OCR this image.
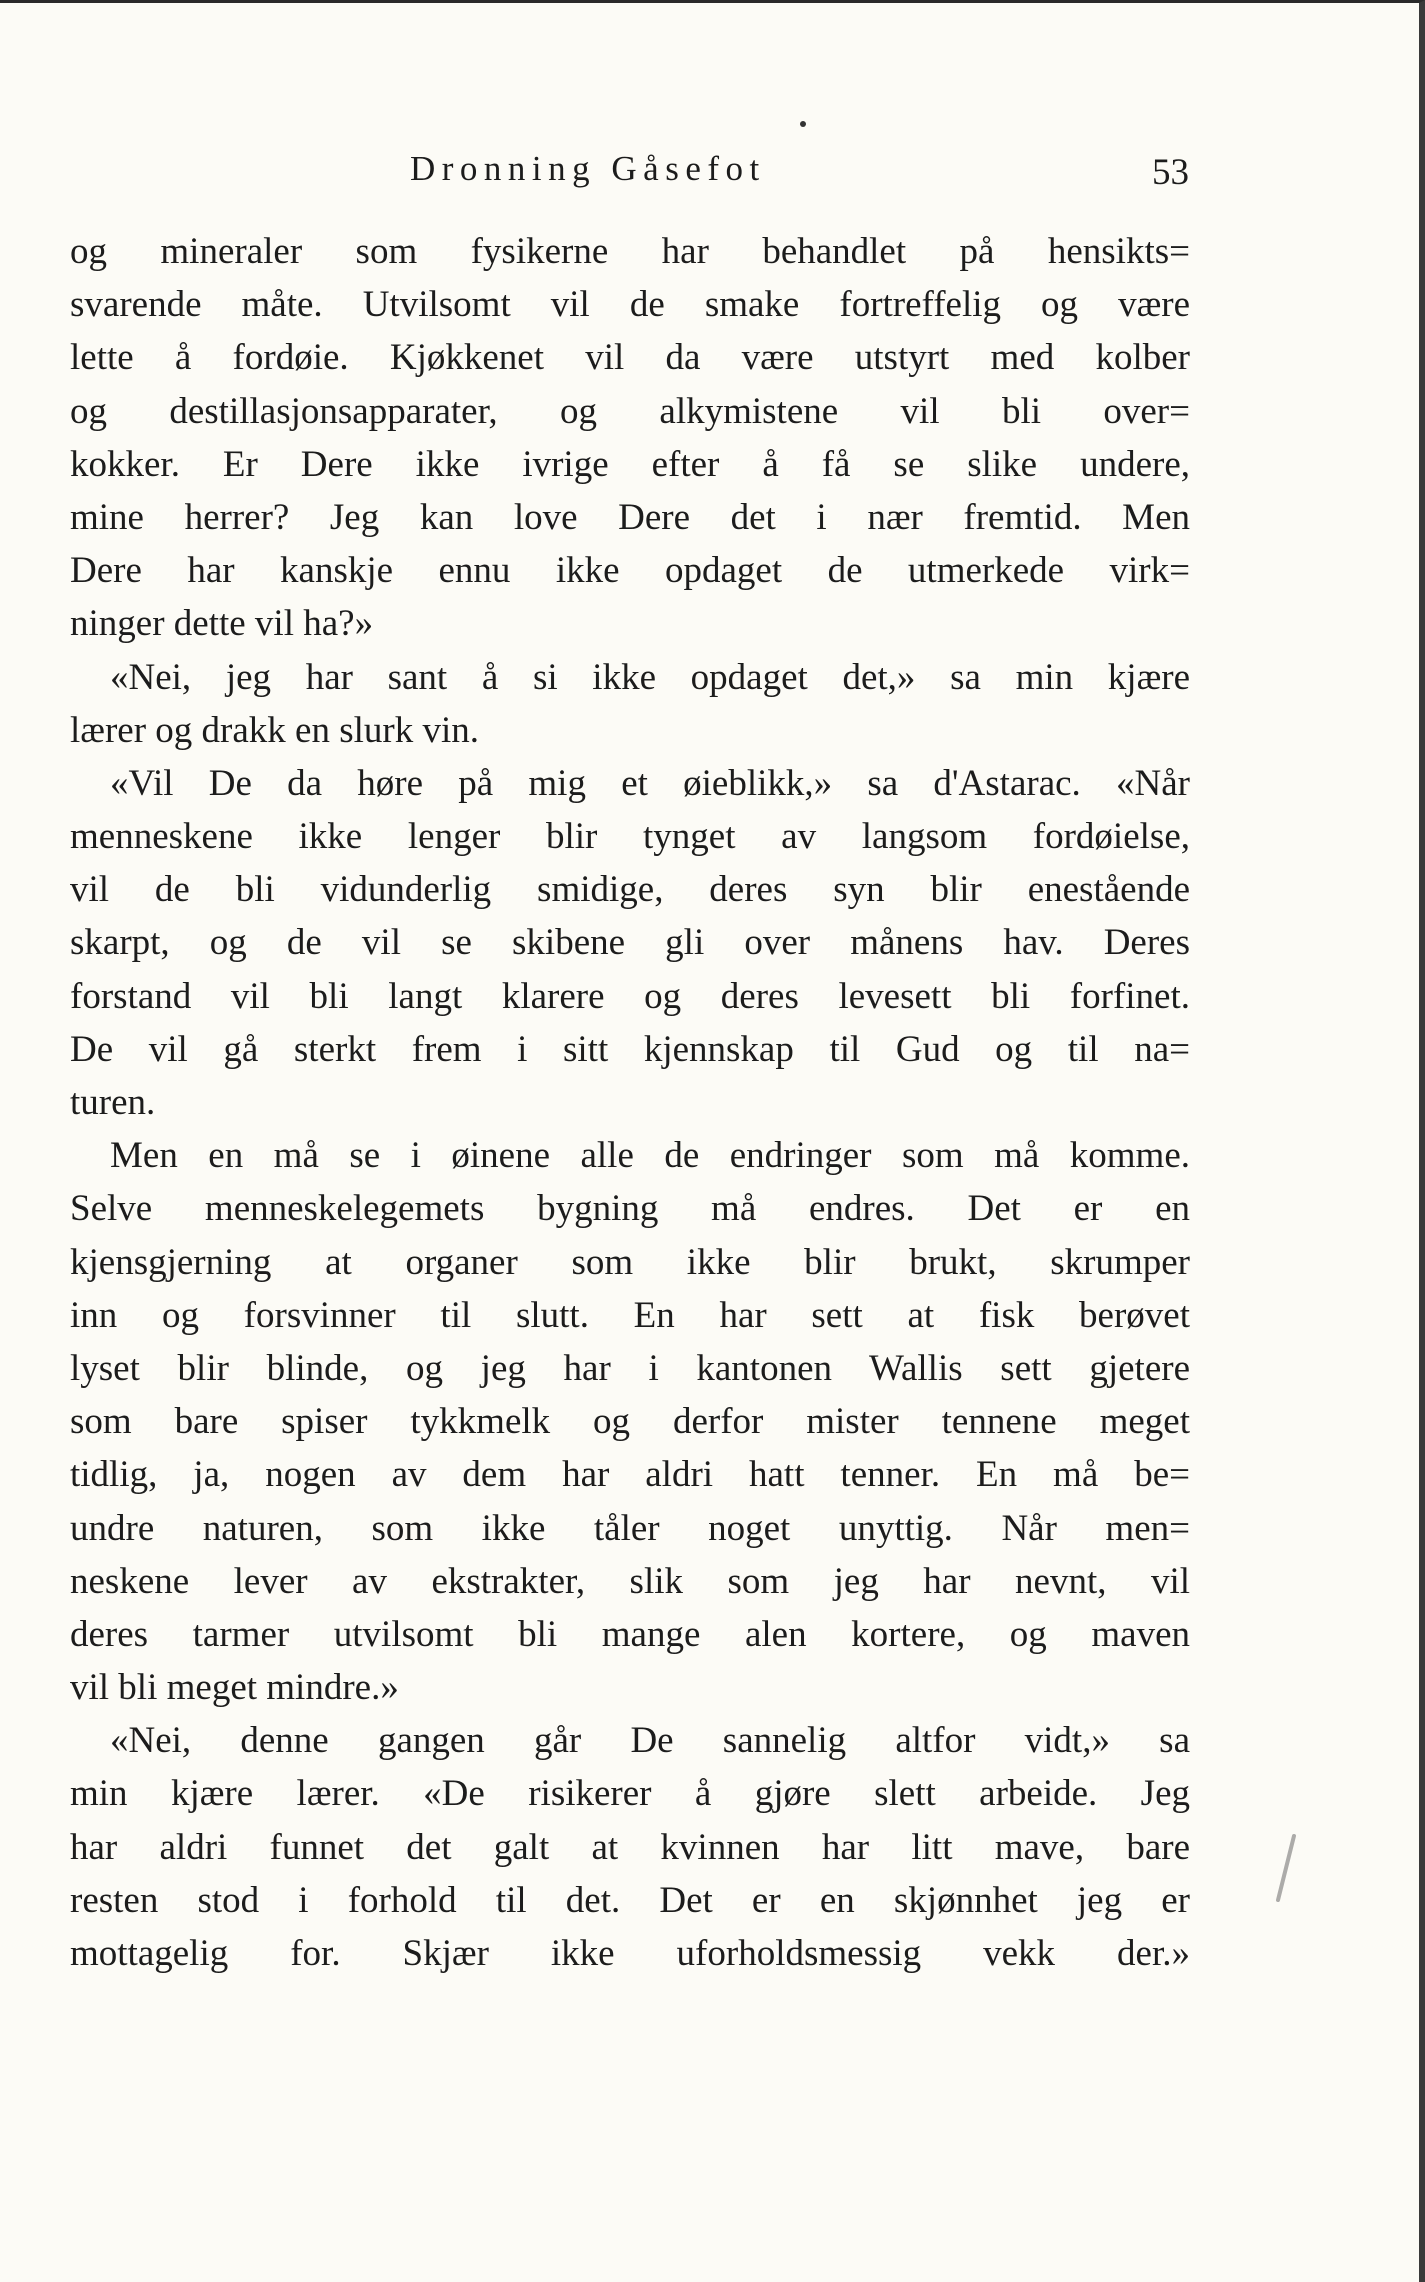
Dronning Gåsefot	53
og mineraler som fysikerne har behandlet på hensikts=
svarende måte. Utvilsomt vil de smake fortreffelig og være
lette å fordøie. Kjøkkenet vil da være utstyrt med kolber
og destillasjonsapparater, og alkymistene vil bli over=
kokker. Er Dere ikke ivrige efter å få se slike undere,
mine herrer? Jeg kan love Dere det i nær fremtid. Men
Dere har kanskje ennu ikke opdaget de utmerkede virk=
ninger dette vil ha?»
«Nei, jeg har sant å si ikke opdaget det,» sa min kjære
lærer og drakk en slurk vin.
«Vil De da høre på mig et øieblikk,» sa d'Astarac. «Når
menneskene ikke lenger blir tynget av langsom fordøielse,
vil de bli vidunderlig smidige, deres syn blir enestående
skarpt, og de vil se skibene gli over månens hav. Deres
forstand vil bli langt klarere og deres levesett bli forfinet.
De vil gå sterkt frem i sitt kjennskap til Gud og til na=
turen.
Men en må se i øinene alle de endringer som må komme.
Selve menneskelegemets bygning må endres. Det er en
kjensgjerning at organer som ikke blir brukt, skrumper
inn og forsvinner til slutt. En har sett at fisk berøvet
lyset blir blinde, og jeg har i kantonen Wallis sett gjetere
som bare spiser tykkmelk og derfor mister tennene meget
tidlig, ja, nogen av dem har aldri hatt tenner. En må be=
undre naturen, som ikke tåler noget unyttig. Når men=
neskene lever av ekstrakter, slik som jeg har nevnt, vil
deres tarmer utvilsomt bli mange alen kortere, og maven
vil bli meget mindre.»
«Nei, denne gangen går De sannelig altfor vidt,» sa
min kjære lærer. «De risikerer å gjøre slett arbeide. Jeg
har aldri funnet det galt at kvinnen har litt mave, bare
resten stod i forhold til det. Det er en skjønnhet jeg er
mottagelig for. Skjær ikke uforholdsmessig vekk der.»
